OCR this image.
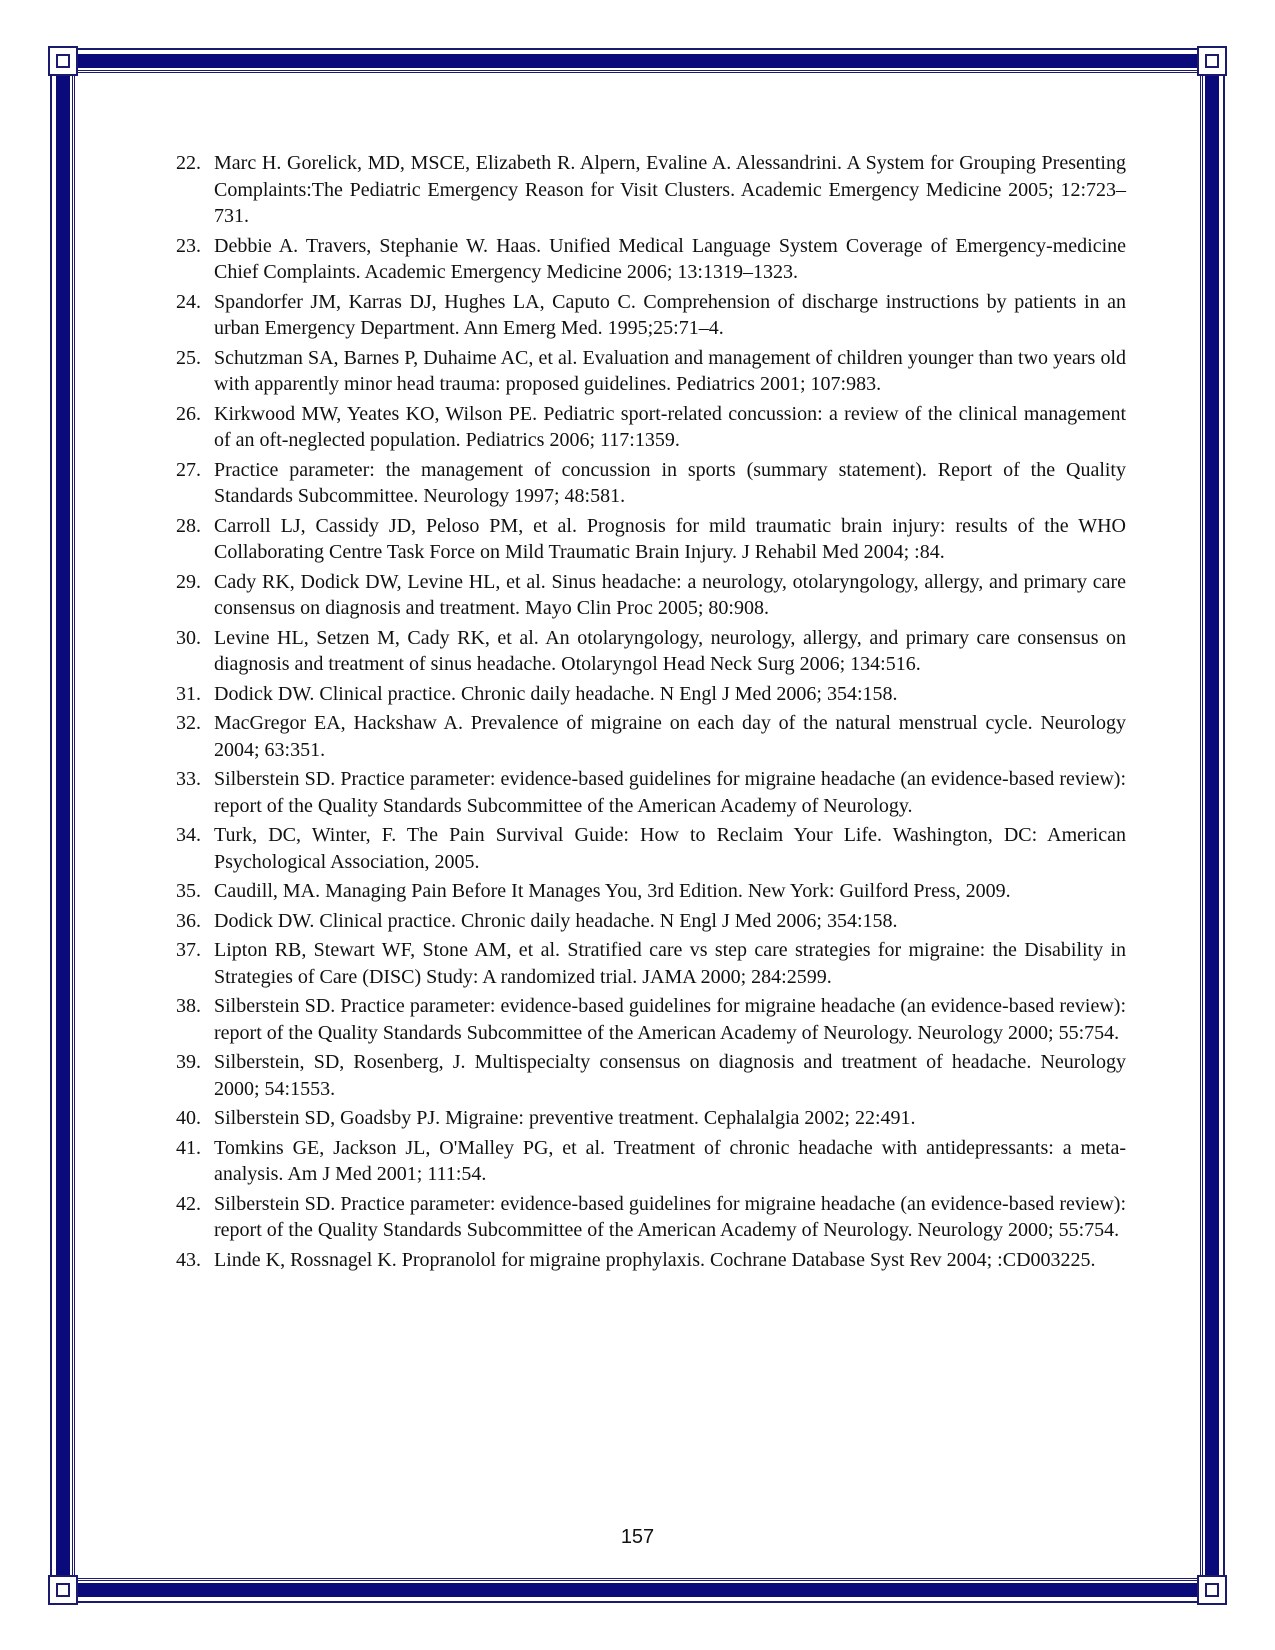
22. Marc H. Gorelick, MD, MSCE, Elizabeth R. Alpern, Evaline A. Alessandrini. A System for Grouping Presenting Complaints:The Pediatric Emergency Reason for Visit Clusters. Academic Emergency Medicine 2005; 12:723–731.
23. Debbie A. Travers, Stephanie W. Haas. Unified Medical Language System Coverage of Emergency-medicine Chief Complaints. Academic Emergency Medicine 2006; 13:1319–1323.
24. Spandorfer JM, Karras DJ, Hughes LA, Caputo C. Comprehension of discharge instructions by patients in an urban Emergency Department. Ann Emerg Med. 1995;25:71–4.
25. Schutzman SA, Barnes P, Duhaime AC, et al. Evaluation and management of children younger than two years old with apparently minor head trauma: proposed guidelines. Pediatrics 2001; 107:983.
26. Kirkwood MW, Yeates KO, Wilson PE. Pediatric sport-related concussion: a review of the clinical management of an oft-neglected population. Pediatrics 2006; 117:1359.
27. Practice parameter: the management of concussion in sports (summary statement). Report of the Quality Standards Subcommittee. Neurology 1997; 48:581.
28. Carroll LJ, Cassidy JD, Peloso PM, et al. Prognosis for mild traumatic brain injury: results of the WHO Collaborating Centre Task Force on Mild Traumatic Brain Injury. J Rehabil Med 2004; :84.
29. Cady RK, Dodick DW, Levine HL, et al. Sinus headache: a neurology, otolaryngology, allergy, and primary care consensus on diagnosis and treatment. Mayo Clin Proc 2005; 80:908.
30. Levine HL, Setzen M, Cady RK, et al. An otolaryngology, neurology, allergy, and primary care consensus on diagnosis and treatment of sinus headache. Otolaryngol Head Neck Surg 2006; 134:516.
31. Dodick DW. Clinical practice. Chronic daily headache. N Engl J Med 2006; 354:158.
32. MacGregor EA, Hackshaw A. Prevalence of migraine on each day of the natural menstrual cycle. Neurology 2004; 63:351.
33. Silberstein SD. Practice parameter: evidence-based guidelines for migraine headache (an evidence-based review): report of the Quality Standards Subcommittee of the American Academy of Neurology.
34. Turk, DC, Winter, F. The Pain Survival Guide: How to Reclaim Your Life. Washington, DC: American Psychological Association, 2005.
35. Caudill, MA. Managing Pain Before It Manages You, 3rd Edition. New York: Guilford Press, 2009.
36. Dodick DW. Clinical practice. Chronic daily headache. N Engl J Med 2006; 354:158.
37. Lipton RB, Stewart WF, Stone AM, et al. Stratified care vs step care strategies for migraine: the Disability in Strategies of Care (DISC) Study: A randomized trial. JAMA 2000; 284:2599.
38. Silberstein SD. Practice parameter: evidence-based guidelines for migraine headache (an evidence-based review): report of the Quality Standards Subcommittee of the American Academy of Neurology. Neurology 2000; 55:754.
39. Silberstein, SD, Rosenberg, J. Multispecialty consensus on diagnosis and treatment of headache. Neurology 2000; 54:1553.
40. Silberstein SD, Goadsby PJ. Migraine: preventive treatment. Cephalalgia 2002; 22:491.
41. Tomkins GE, Jackson JL, O'Malley PG, et al. Treatment of chronic headache with antidepressants: a meta-analysis. Am J Med 2001; 111:54.
42. Silberstein SD. Practice parameter: evidence-based guidelines for migraine headache (an evidence-based review): report of the Quality Standards Subcommittee of the American Academy of Neurology. Neurology 2000; 55:754.
43. Linde K, Rossnagel K. Propranolol for migraine prophylaxis. Cochrane Database Syst Rev 2004; :CD003225.
157
